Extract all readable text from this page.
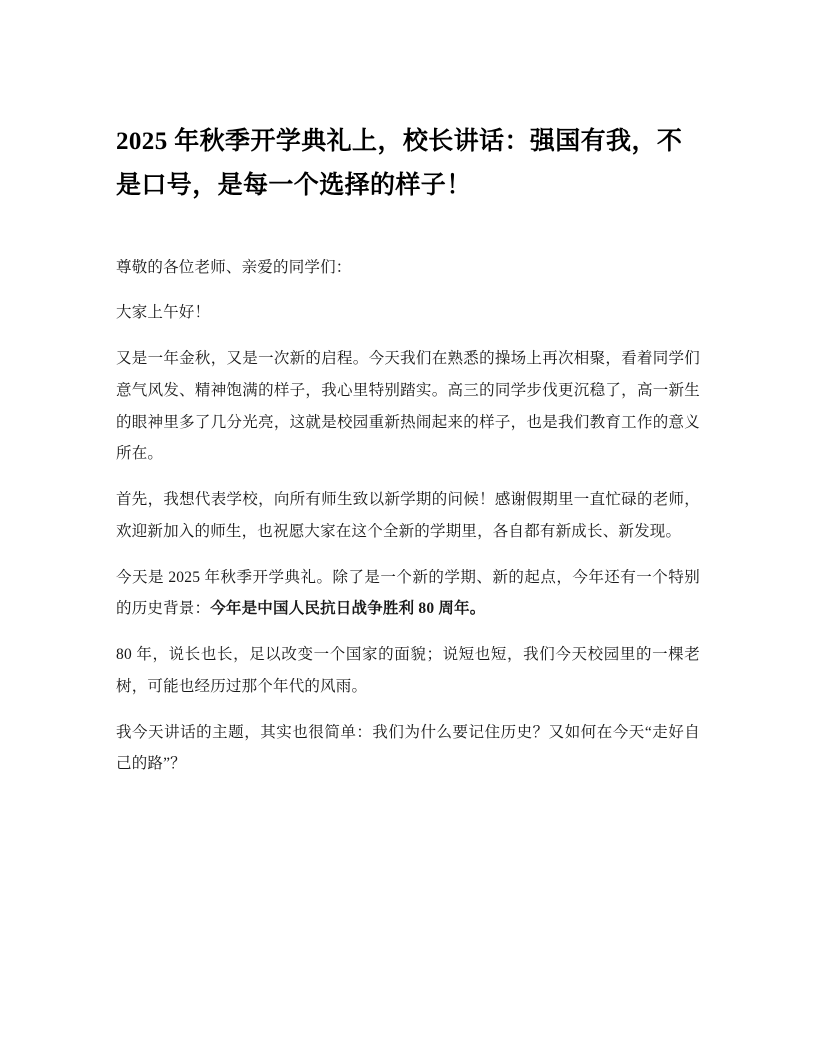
2025 年秋季开学典礼上，校长讲话：强国有我，不是口号，是每一个选择的样子！

尊敬的各位老师、亲爱的同学们：

大家上午好！

又是一年金秋，又是一次新的启程。今天我们在熟悉的操场上再次相聚，看着同学们意气风发、精神饱满的样子，我心里特别踏实。高三的同学步伐更沉稳了，高一新生的眼神里多了几分光亮，这就是校园重新热闹起来的样子，也是我们教育工作的意义所在。

首先，我想代表学校，向所有师生致以新学期的问候！感谢假期里一直忙碌的老师，欢迎新加入的师生，也祝愿大家在这个全新的学期里，各自都有新成长、新发现。

今天是 2025 年秋季开学典礼。除了是一个新的学期、新的起点，今年还有一个特别的历史背景：今年是中国人民抗日战争胜利 80 周年。

80 年，说长也长，足以改变一个国家的面貌；说短也短，我们今天校园里的一棵老树，可能也经历过那个年代的风雨。

我今天讲话的主题，其实也很简单：我们为什么要记住历史？又如何在今天“走好自己的路”？
